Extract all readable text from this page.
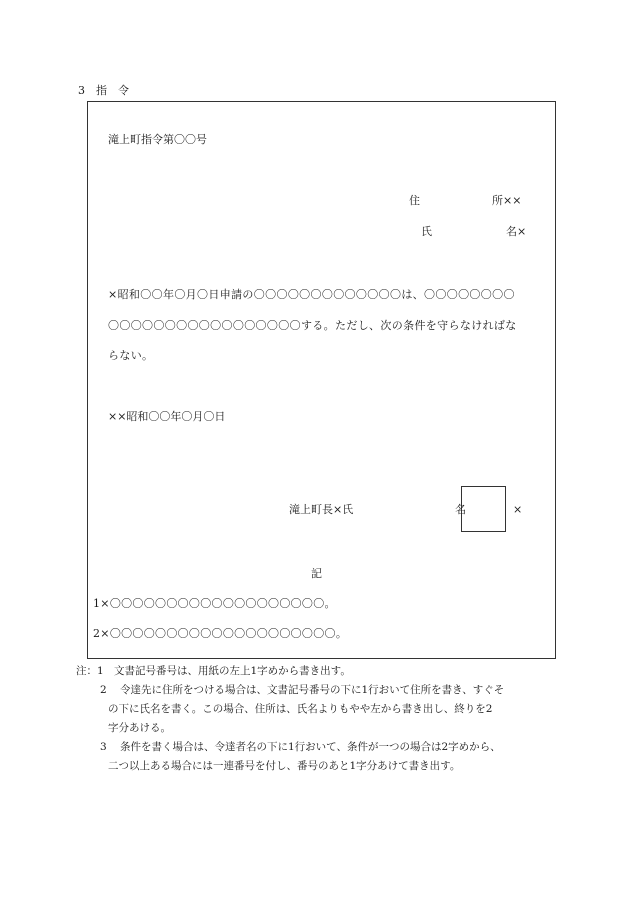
3　指　令
滝上町指令第〇〇号
住	所××
氏	名×
×昭和〇〇年〇月〇日申請の〇〇〇〇〇〇〇〇〇〇〇〇〇は、〇〇〇〇〇〇〇〇
〇〇〇〇〇〇〇〇〇〇〇〇〇〇〇〇〇する。ただし、次の条件を守らなければな
らない。
××昭和〇〇年〇月〇日
滝上町長×氏	名	×
記
1×〇〇〇〇〇〇〇〇〇〇〇〇〇〇〇〇〇〇〇。
2×〇〇〇〇〇〇〇〇〇〇〇〇〇〇〇〇〇〇〇〇。
注：1 文書記号番号は、用紙の左上1字めから書き出す。
2	令達先に住所をつける場合は、文書記号番号の下に1行おいて住所を書き、すぐそ
の下に氏名を書く。この場合、住所は、氏名よりもやや左から書き出し、終りを2
字分あける。
3	条件を書く場合は、令達者名の下に1行おいて、条件が一つの場合は2字めから、
二つ以上ある場合には一連番号を付し、番号のあと1字分あけて書き出す。
